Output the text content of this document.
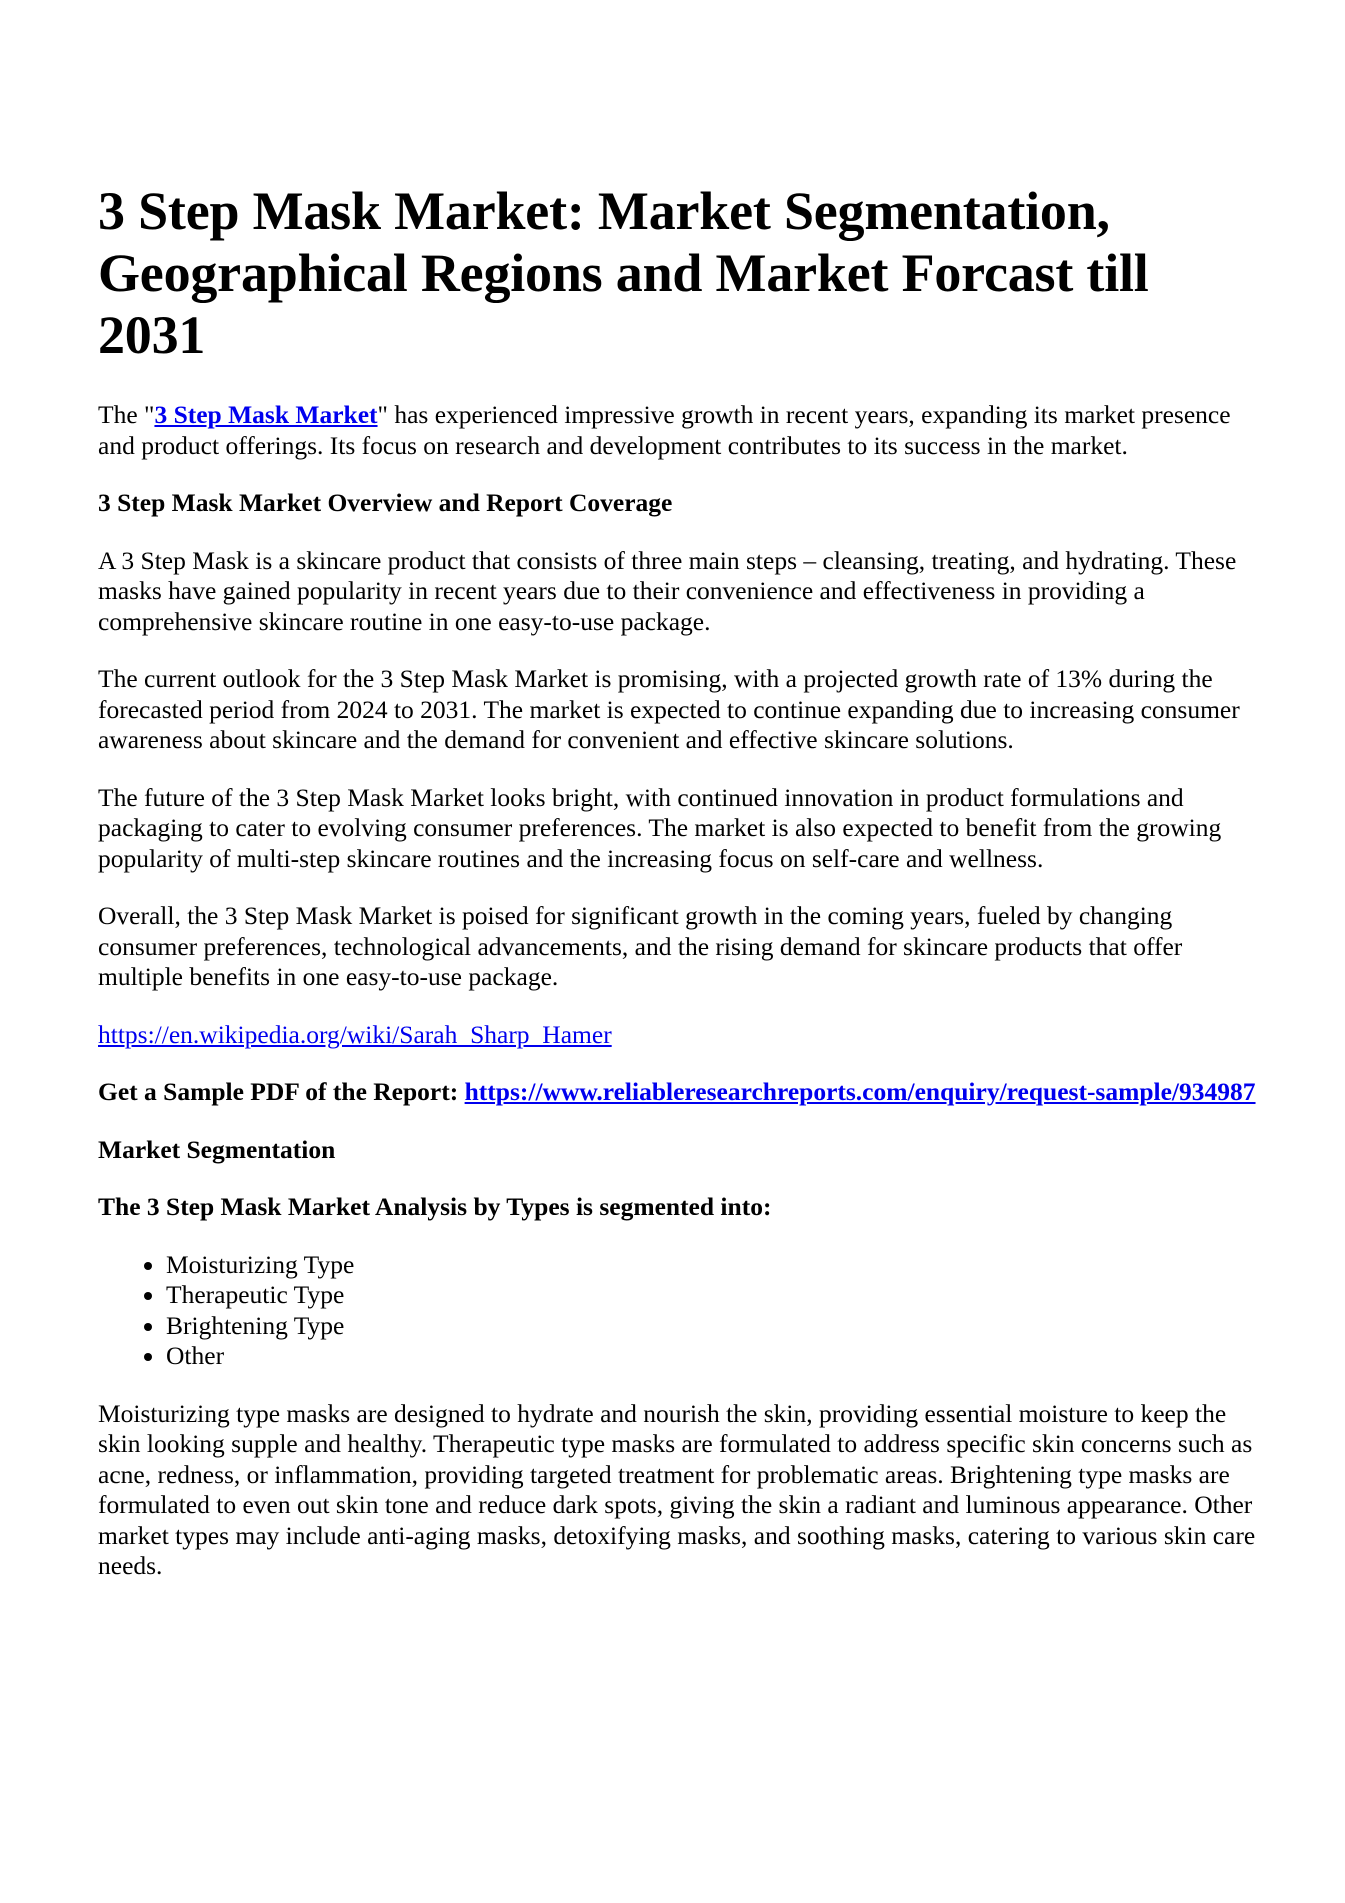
3 Step Mask Market: Market Segmentation, Geographical Regions and Market Forcast till 2031

The "3 Step Mask Market" has experienced impressive growth in recent years, expanding its market presence and product offerings. Its focus on research and development contributes to its success in the market.

3 Step Mask Market Overview and Report Coverage

A 3 Step Mask is a skincare product that consists of three main steps – cleansing, treating, and hydrating. These masks have gained popularity in recent years due to their convenience and effectiveness in providing a comprehensive skincare routine in one easy-to-use package.

The current outlook for the 3 Step Mask Market is promising, with a projected growth rate of 13% during the forecasted period from 2024 to 2031. The market is expected to continue expanding due to increasing consumer awareness about skincare and the demand for convenient and effective skincare solutions.

The future of the 3 Step Mask Market looks bright, with continued innovation in product formulations and packaging to cater to evolving consumer preferences. The market is also expected to benefit from the growing popularity of multi-step skincare routines and the increasing focus on self-care and wellness.

Overall, the 3 Step Mask Market is poised for significant growth in the coming years, fueled by changing consumer preferences, technological advancements, and the rising demand for skincare products that offer multiple benefits in one easy-to-use package.

https://en.wikipedia.org/wiki/Sarah_Sharp_Hamer

Get a Sample PDF of the Report: https://www.reliableresearchreports.com/enquiry/request-sample/934987

Market Segmentation

The 3 Step Mask Market Analysis by Types is segmented into:

• Moisturizing Type
• Therapeutic Type
• Brightening Type
• Other

Moisturizing type masks are designed to hydrate and nourish the skin, providing essential moisture to keep the skin looking supple and healthy. Therapeutic type masks are formulated to address specific skin concerns such as acne, redness, or inflammation, providing targeted treatment for problematic areas. Brightening type masks are formulated to even out skin tone and reduce dark spots, giving the skin a radiant and luminous appearance. Other market types may include anti-aging masks, detoxifying masks, and soothing masks, catering to various skin care needs.
